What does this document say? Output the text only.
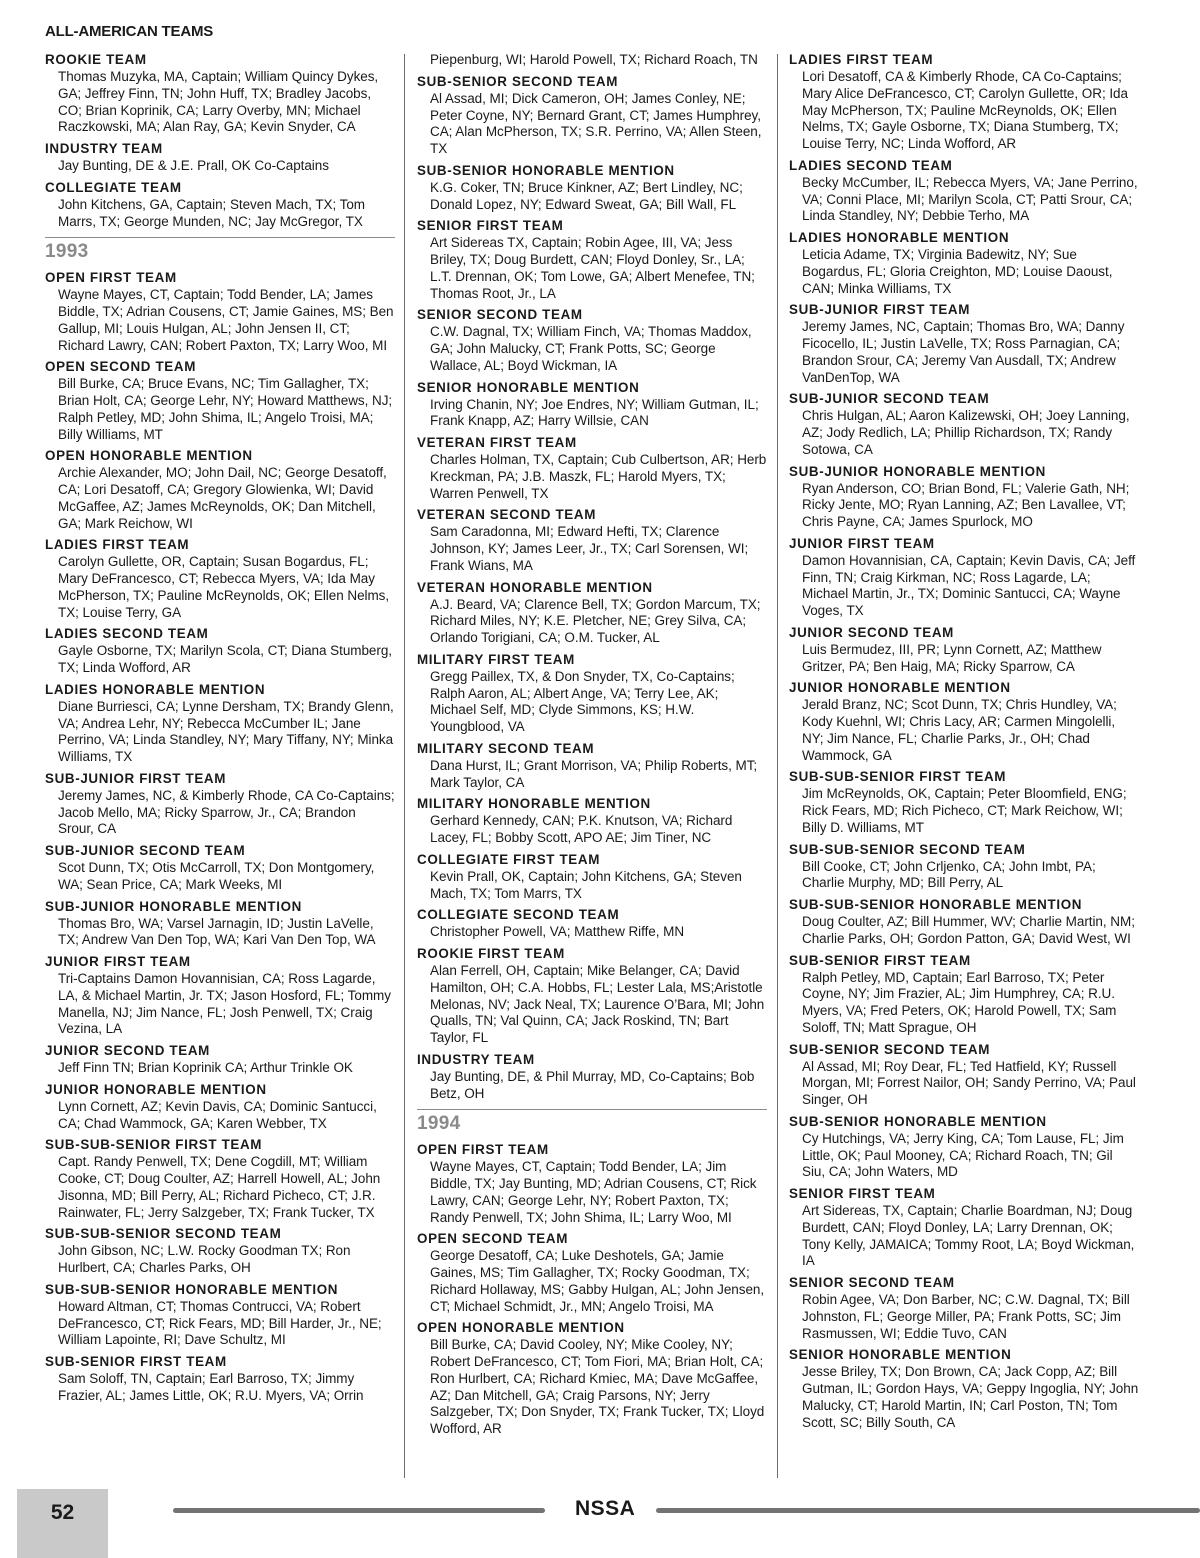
ALL-AMERICAN TEAMS
ROOKIE TEAM
Thomas Muzyka, MA, Captain; William Quincy Dykes, GA; Jeffrey Finn, TN; John Huff, TX; Bradley Jacobs, CO; Brian Koprinik, CA; Larry Overby, MN; Michael Raczkowski, MA; Alan Ray, GA; Kevin Snyder, CA
INDUSTRY TEAM
Jay Bunting, DE & J.E. Prall, OK Co-Captains
COLLEGIATE TEAM
John Kitchens, GA, Captain; Steven Mach, TX; Tom Marrs, TX; George Munden, NC; Jay McGregor, TX
1993
OPEN FIRST TEAM
Wayne Mayes, CT, Captain; Todd Bender, LA; James Biddle, TX; Adrian Cousens, CT; Jamie Gaines, MS; Ben Gallup, MI; Louis Hulgan, AL; John Jensen II, CT; Richard Lawry, CAN; Robert Paxton, TX; Larry Woo, MI
OPEN SECOND TEAM
Bill Burke, CA; Bruce Evans, NC; Tim Gallagher, TX; Brian Holt, CA; George Lehr, NY; Howard Matthews, NJ; Ralph Petley, MD; John Shima, IL; Angelo Troisi, MA; Billy Williams, MT
OPEN HONORABLE MENTION
Archie Alexander, MO; John Dail, NC; George Desatoff, CA; Lori Desatoff, CA; Gregory Glowienka, WI; David McGaffee, AZ; James McReynolds, OK; Dan Mitchell, GA; Mark Reichow, WI
LADIES FIRST TEAM
Carolyn Gullette, OR, Captain; Susan Bogardus, FL; Mary DeFrancesco, CT; Rebecca Myers, VA; Ida May McPherson, TX; Pauline McReynolds, OK; Ellen Nelms, TX; Louise Terry, GA
LADIES SECOND TEAM
Gayle Osborne, TX; Marilyn Scola, CT; Diana Stumberg, TX; Linda Wofford, AR
LADIES HONORABLE MENTION
Diane Burriesci, CA; Lynne Dersham, TX; Brandy Glenn, VA; Andrea Lehr, NY; Rebecca McCumber IL; Jane Perrino, VA; Linda Standley, NY; Mary Tiffany, NY; Minka Williams, TX
SUB-JUNIOR FIRST TEAM
Jeremy James, NC, & Kimberly Rhode, CA Co-Captains; Jacob Mello, MA; Ricky Sparrow, Jr., CA; Brandon Srour, CA
SUB-JUNIOR SECOND TEAM
Scot Dunn, TX; Otis McCarroll, TX; Don Montgomery, WA; Sean Price, CA; Mark Weeks, MI
SUB-JUNIOR HONORABLE MENTION
Thomas Bro, WA; Varsel Jarnagin, ID; Justin LaVelle, TX; Andrew Van Den Top, WA; Kari Van Den Top, WA
JUNIOR FIRST TEAM
Tri-Captains Damon Hovannisian, CA; Ross Lagarde, LA, & Michael Martin, Jr. TX; Jason Hosford, FL; Tommy Manella, NJ; Jim Nance, FL; Josh Penwell, TX; Craig Vezina, LA
JUNIOR SECOND TEAM
Jeff Finn TN; Brian Koprinik CA; Arthur Trinkle OK
JUNIOR HONORABLE MENTION
Lynn Cornett, AZ; Kevin Davis, CA; Dominic Santucci, CA; Chad Wammock, GA; Karen Webber, TX
SUB-SUB-SENIOR FIRST TEAM
Capt. Randy Penwell, TX; Dene Cogdill, MT; William Cooke, CT; Doug Coulter, AZ; Harrell Howell, AL; John Jisonna, MD; Bill Perry, AL; Richard Picheco, CT; J.R. Rainwater, FL; Jerry Salzgeber, TX; Frank Tucker, TX
SUB-SUB-SENIOR SECOND TEAM
John Gibson, NC; L.W. Rocky Goodman TX; Ron Hurlbert, CA; Charles Parks, OH
SUB-SUB-SENIOR HONORABLE MENTION
Howard Altman, CT; Thomas Contrucci, VA; Robert DeFrancesco, CT; Rick Fears, MD; Bill Harder, Jr., NE; William Lapointe, RI; Dave Schultz, MI
SUB-SENIOR FIRST TEAM
Sam Soloff, TN, Captain; Earl Barroso, TX; Jimmy Frazier, AL; James Little, OK; R.U. Myers, VA; Orrin
Piepenburg, WI; Harold Powell, TX; Richard Roach, TN
SUB-SENIOR SECOND TEAM
Al Assad, MI; Dick Cameron, OH; James Conley, NE; Peter Coyne, NY; Bernard Grant, CT; James Humphrey, CA; Alan McPherson, TX; S.R. Perrino, VA; Allen Steen, TX
SUB-SENIOR HONORABLE MENTION
K.G. Coker, TN; Bruce Kinkner, AZ; Bert Lindley, NC; Donald Lopez, NY; Edward Sweat, GA; Bill Wall, FL
SENIOR FIRST TEAM
Art Sidereas TX, Captain; Robin Agee, III, VA; Jess Briley, TX; Doug Burdett, CAN; Floyd Donley, Sr., LA; L.T. Drennan, OK; Tom Lowe, GA; Albert Menefee, TN; Thomas Root, Jr., LA
SENIOR SECOND TEAM
C.W. Dagnal, TX; William Finch, VA; Thomas Maddox, GA; John Malucky, CT; Frank Potts, SC; George Wallace, AL; Boyd Wickman, IA
SENIOR HONORABLE MENTION
Irving Chanin, NY; Joe Endres, NY; William Gutman, IL; Frank Knapp, AZ; Harry Willsie, CAN
VETERAN FIRST TEAM
Charles Holman, TX, Captain; Cub Culbertson, AR; Herb Kreckman, PA; J.B. Maszk, FL; Harold Myers, TX; Warren Penwell, TX
VETERAN SECOND TEAM
Sam Caradonna, MI; Edward Hefti, TX; Clarence Johnson, KY; James Leer, Jr., TX; Carl Sorensen, WI; Frank Wians, MA
VETERAN HONORABLE MENTION
A.J. Beard, VA; Clarence Bell, TX; Gordon Marcum, TX; Richard Miles, NY; K.E. Pletcher, NE; Grey Silva, CA; Orlando Torigiani, CA; O.M. Tucker, AL
MILITARY FIRST TEAM
Gregg Paillex, TX, & Don Snyder, TX, Co-Captains; Ralph Aaron, AL; Albert Ange, VA; Terry Lee, AK; Michael Self, MD; Clyde Simmons, KS; H.W. Youngblood, VA
MILITARY SECOND TEAM
Dana Hurst, IL; Grant Morrison, VA; Philip Roberts, MT; Mark Taylor, CA
MILITARY HONORABLE MENTION
Gerhard Kennedy, CAN; P.K. Knutson, VA; Richard Lacey, FL; Bobby Scott, APO AE; Jim Tiner, NC
COLLEGIATE FIRST TEAM
Kevin Prall, OK, Captain; John Kitchens, GA; Steven Mach, TX; Tom Marrs, TX
COLLEGIATE SECOND TEAM
Christopher Powell, VA; Matthew Riffe, MN
ROOKIE FIRST TEAM
Alan Ferrell, OH, Captain; Mike Belanger, CA; David Hamilton, OH; C.A. Hobbs, FL; Lester Lala, MS;Aristotle Melonas, NV; Jack Neal, TX; Laurence O’Bara, MI; John Qualls, TN; Val Quinn, CA; Jack Roskind, TN; Bart Taylor, FL
INDUSTRY TEAM
Jay Bunting, DE, & Phil Murray, MD, Co-Captains; Bob Betz, OH
1994
OPEN FIRST TEAM
Wayne Mayes, CT, Captain; Todd Bender, LA; Jim Biddle, TX; Jay Bunting, MD; Adrian Cousens, CT; Rick Lawry, CAN; George Lehr, NY; Robert Paxton, TX; Randy Penwell, TX; John Shima, IL; Larry Woo, MI
OPEN SECOND TEAM
George Desatoff, CA; Luke Deshotels, GA; Jamie Gaines, MS; Tim Gallagher, TX; Rocky Goodman, TX; Richard Hollaway, MS; Gabby Hulgan, AL; John Jensen, CT; Michael Schmidt, Jr., MN; Angelo Troisi, MA
OPEN HONORABLE MENTION
Bill Burke, CA; David Cooley, NY; Mike Cooley, NY; Robert DeFrancesco, CT; Tom Fiori, MA; Brian Holt, CA; Ron Hurlbert, CA; Richard Kmiec, MA; Dave McGaffee, AZ; Dan Mitchell, GA; Craig Parsons, NY; Jerry Salzgeber, TX; Don Snyder, TX; Frank Tucker, TX; Lloyd Wofford, AR
LADIES FIRST TEAM
Lori Desatoff, CA & Kimberly Rhode, CA Co-Captains; Mary Alice DeFrancesco, CT; Carolyn Gullette, OR; Ida May McPherson, TX; Pauline McReynolds, OK; Ellen Nelms, TX; Gayle Osborne, TX; Diana Stumberg, TX; Louise Terry, NC; Linda Wofford, AR
LADIES SECOND TEAM
Becky McCumber, IL; Rebecca Myers, VA; Jane Perrino, VA; Conni Place, MI; Marilyn Scola, CT; Patti Srour, CA; Linda Standley, NY; Debbie Terho, MA
LADIES HONORABLE MENTION
Leticia Adame, TX; Virginia Badewitz, NY; Sue Bogardus, FL; Gloria Creighton, MD; Louise Daoust, CAN; Minka Williams, TX
SUB-JUNIOR FIRST TEAM
Jeremy James, NC, Captain; Thomas Bro, WA; Danny Ficocello, IL; Justin LaVelle, TX; Ross Parnagian, CA; Brandon Srour, CA; Jeremy Van Ausdall, TX; Andrew VanDenTop, WA
SUB-JUNIOR SECOND TEAM
Chris Hulgan, AL; Aaron Kalizewski, OH; Joey Lanning, AZ; Jody Redlich, LA; Phillip Richardson, TX; Randy Sotowa, CA
SUB-JUNIOR HONORABLE MENTION
Ryan Anderson, CO; Brian Bond, FL; Valerie Gath, NH; Ricky Jente, MO; Ryan Lanning, AZ; Ben Lavallee, VT; Chris Payne, CA; James Spurlock, MO
JUNIOR FIRST TEAM
Damon Hovannisian, CA, Captain; Kevin Davis, CA; Jeff Finn, TN; Craig Kirkman, NC; Ross Lagarde, LA; Michael Martin, Jr., TX; Dominic Santucci, CA; Wayne Voges, TX
JUNIOR SECOND TEAM
Luis Bermudez, III, PR; Lynn Cornett, AZ; Matthew Gritzer, PA; Ben Haig, MA; Ricky Sparrow, CA
JUNIOR HONORABLE MENTION
Jerald Branz, NC; Scot Dunn, TX; Chris Hundley, VA; Kody Kuehnl, WI; Chris Lacy, AR; Carmen Mingolelli, NY; Jim Nance, FL; Charlie Parks, Jr., OH; Chad Wammock, GA
SUB-SUB-SENIOR FIRST TEAM
Jim McReynolds, OK, Captain; Peter Bloomfield, ENG; Rick Fears, MD; Rich Picheco, CT; Mark Reichow, WI; Billy D. Williams, MT
SUB-SUB-SENIOR SECOND TEAM
Bill Cooke, CT; John Crljenko, CA; John Imbt, PA; Charlie Murphy, MD; Bill Perry, AL
SUB-SUB-SENIOR HONORABLE MENTION
Doug Coulter, AZ; Bill Hummer, WV; Charlie Martin, NM; Charlie Parks, OH; Gordon Patton, GA; David West, WI
SUB-SENIOR FIRST TEAM
Ralph Petley, MD, Captain; Earl Barroso, TX; Peter Coyne, NY; Jim Frazier, AL; Jim Humphrey, CA; R.U. Myers, VA; Fred Peters, OK; Harold Powell, TX; Sam Soloff, TN; Matt Sprague, OH
SUB-SENIOR SECOND TEAM
Al Assad, MI; Roy Dear, FL; Ted Hatfield, KY; Russell Morgan, MI; Forrest Nailor, OH; Sandy Perrino, VA; Paul Singer, OH
SUB-SENIOR HONORABLE MENTION
Cy Hutchings, VA; Jerry King, CA; Tom Lause, FL; Jim Little, OK; Paul Mooney, CA; Richard Roach, TN; Gil Siu, CA; John Waters, MD
SENIOR FIRST TEAM
Art Sidereas, TX, Captain; Charlie Boardman, NJ; Doug Burdett, CAN; Floyd Donley, LA; Larry Drennan, OK; Tony Kelly, JAMAICA; Tommy Root, LA; Boyd Wickman, IA
SENIOR SECOND TEAM
Robin Agee, VA; Don Barber, NC; C.W. Dagnal, TX; Bill Johnston, FL; George Miller, PA; Frank Potts, SC; Jim Rasmussen, WI; Eddie Tuvo, CAN
SENIOR HONORABLE MENTION
Jesse Briley, TX; Don Brown, CA; Jack Copp, AZ; Bill Gutman, IL; Gordon Hays, VA; Geppy Ingoglia, NY; John Malucky, CT; Harold Martin, IN; Carl Poston, TN; Tom Scott, SC; Billy South, CA
52	NSSA
